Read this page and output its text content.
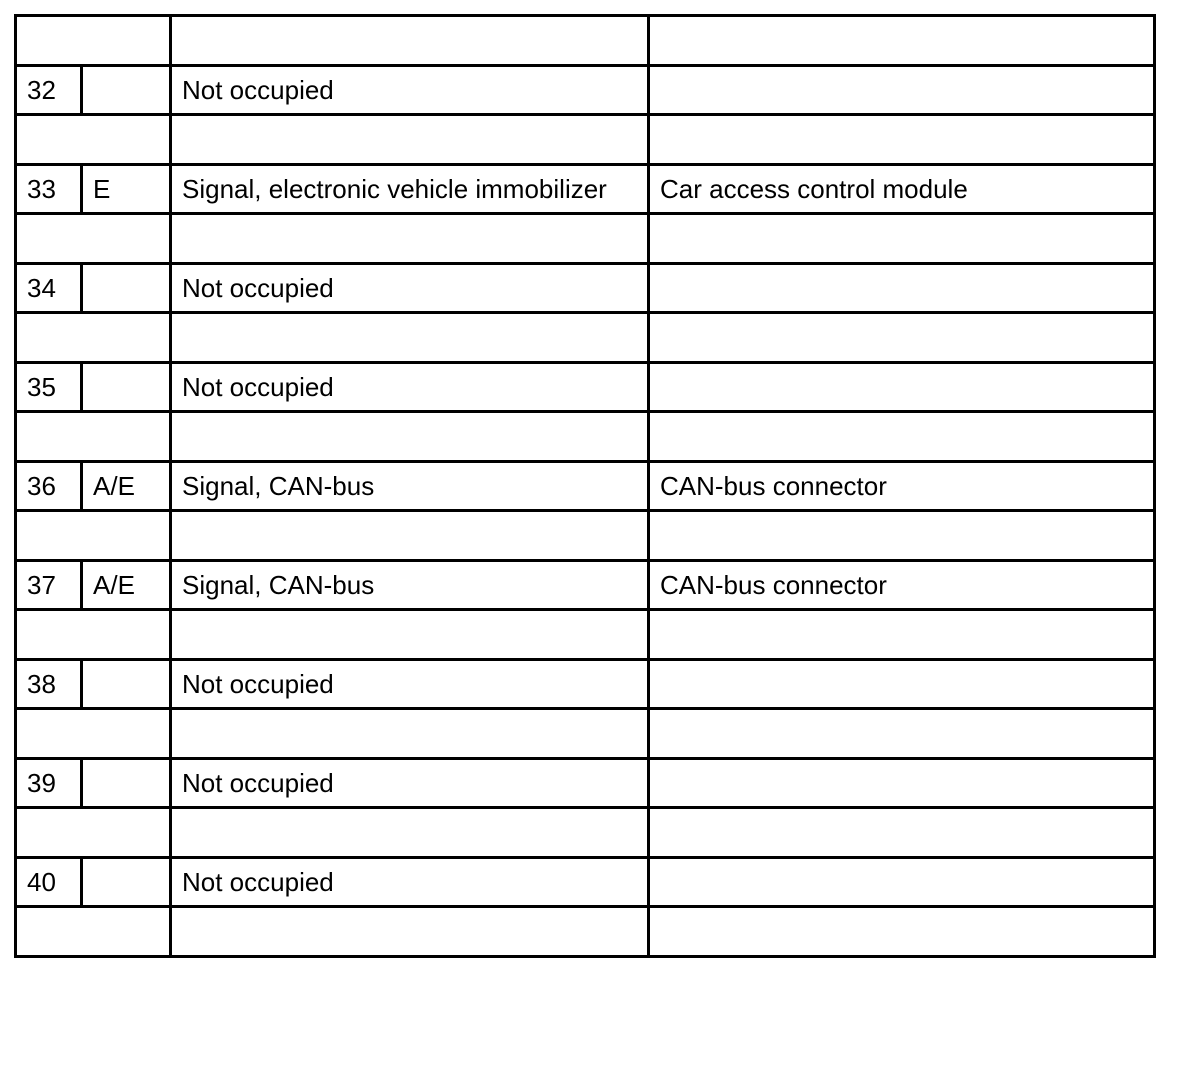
32		Not occupied	

33	E	Signal, electronic vehicle immobilizer	Car access control module

34		Not occupied	

35		Not occupied	

36	A/E	Signal, CAN-bus	CAN-bus connector

37	A/E	Signal, CAN-bus	CAN-bus connector

38		Not occupied	

39		Not occupied	

40		Not occupied	
